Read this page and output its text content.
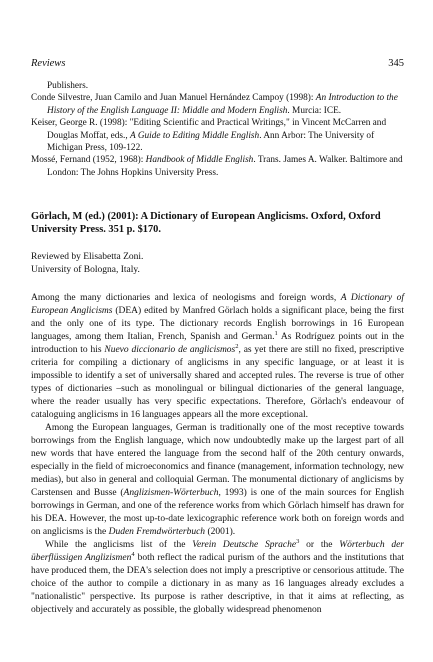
Reviews	345

Publishers.

Conde Silvestre, Juan Camilo and Juan Manuel Hernández Campoy (1998): An Introduction to the History of the English Language II: Middle and Modern English. Murcia: ICE.

Keiser, George R. (1998): "Editing Scientific and Practical Writings," in Vincent McCarren and Douglas Moffat, eds., A Guide to Editing Middle English. Ann Arbor: The University of Michigan Press, 109-122.

Mossé, Fernand (1952, 1968): Handbook of Middle English. Trans. James A. Walker. Baltimore and London: The Johns Hopkins University Press.

Görlach, M (ed.) (2001): A Dictionary of European Anglicisms. Oxford, Oxford University Press. 351 p. $170.
Reviewed by Elisabetta Zoni.
University of Bologna, Italy.

Among the many dictionaries and lexica of neologisms and foreign words, A Dictionary of European Anglicisms (DEA) edited by Manfred Görlach holds a significant place, being the first and the only one of its type. The dictionary records English borrowings in 16 European languages, among them Italian, French, Spanish and German.$^1$ As Rodríguez points out in the introduction to his Nuevo diccionario de anglicismos$^2$, as yet there are still no fixed, prescriptive criteria for compiling a dictionary of anglicisms in any specific language, or at least it is impossible to identify a set of universally shared and accepted rules. The reverse is true of other types of dictionaries –such as monolingual or bilingual dictionaries of the general language, where the reader usually has very specific expectations. Therefore, Görlach's endeavour of cataloguing anglicisms in 16 languages appears all the more exceptional.

Among the European languages, German is traditionally one of the most receptive towards borrowings from the English language, which now undoubtedly make up the largest part of all new words that have entered the language from the second half of the 20th century onwards, especially in the field of microeconomics and finance (management, information technology, new medias), but also in general and colloquial German. The monumental dictionary of anglicisms by Carstensen and Busse (Anglizismen-Wörterbuch, 1993) is one of the main sources for English borrowings in German, and one of the reference works from which Görlach himself has drawn for his DEA. However, the most up-to-date lexicographic reference work both on foreign words and on anglicisms is the Duden Fremdwörterbuch (2001).

While the anglicisms list of the Verein Deutsche Sprache$^3$ or the Wörterbuch der überflüssigen Anglizismen$^4$ both reflect the radical purism of the authors and the institutions that have produced them, the DEA's selection does not imply a prescriptive or censorious attitude. The choice of the author to compile a dictionary in as many as 16 languages already excludes a "nationalistic" perspective. Its purpose is rather descriptive, in that it aims at reflecting, as objectively and accurately as possible, the globally widespread phenomenon
